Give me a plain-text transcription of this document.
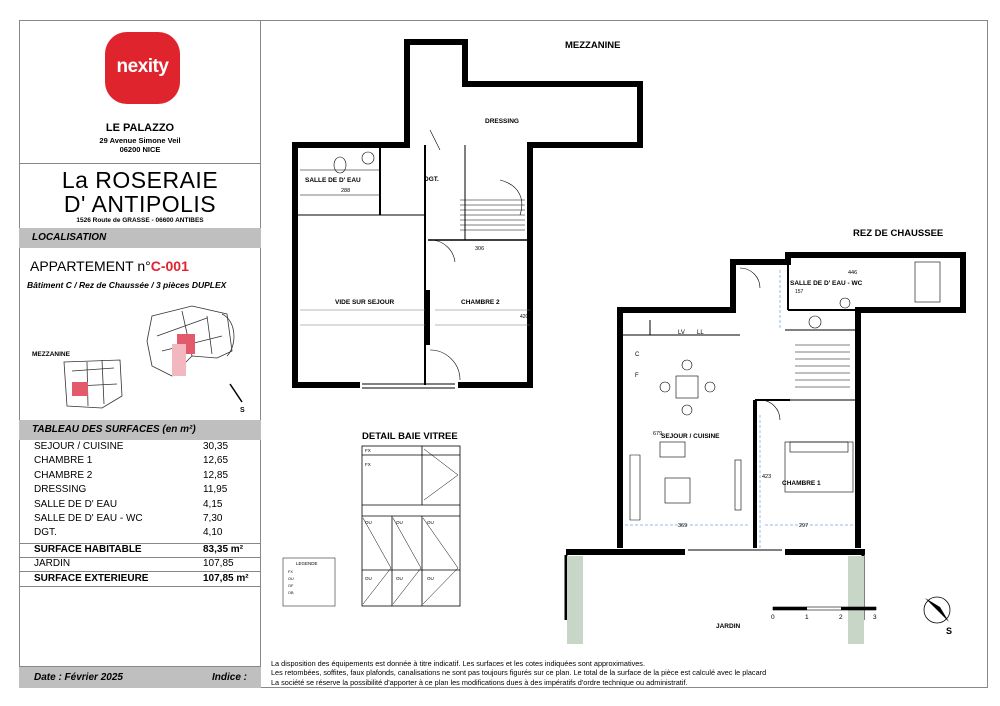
nexity
LE PALAZZO
29 Avenue Simone Veil
06200 NICE
La ROSERAIE
D' ANTIPOLIS
1526 Route de GRASSE - 06600 ANTIBES
LOCALISATION
APPARTEMENT n°C-001
Bâtiment C / Rez de Chaussée / 3 pièces DUPLEX
MEZZANINE
S
TABLEAU DES SURFACES (en m²)
SEJOUR / CUISINE	30,35
CHAMBRE 1	12,65
CHAMBRE 2	12,85
DRESSING	11,95
SALLE DE D' EAU	4,15
SALLE DE D' EAU - WC	7,30
DGT.	4,10
SURFACE HABITABLE	83,35 m²
JARDIN	107,85
SURFACE EXTERIEURE	107,85 m²
Date : Février 2025	Indice :
MEZZANINE
REZ DE CHAUSSEE
DETAIL BAIE VITREE
DRESSING
SALLE DE D' EAU	DGT.
VIDE SUR SEJOUR	CHAMBRE 2
288
306
420
SALLE DE D' EAU - WC
SEJOUR / CUISINE
CHAMBRE 1
JARDIN
446
679
423
369	297
157
LV LL
C
F
0	1	2	3
S
FX
FX
OU	OU	OU
OU	OU	OU
LEGENDE
FX
OU
OF
OB
La disposition des équipements est donnée à titre indicatif. Les surfaces et les cotes indiquées sont approximatives.
Les retombées, soffites, faux plafonds, canalisations ne sont pas toujours figurés sur ce plan. Le total de la surface de la pièce est calculé avec le placard
La société se réserve la possibilité d'apporter à ce plan les modifications dues à des impératifs d'ordre technique ou administratif.
